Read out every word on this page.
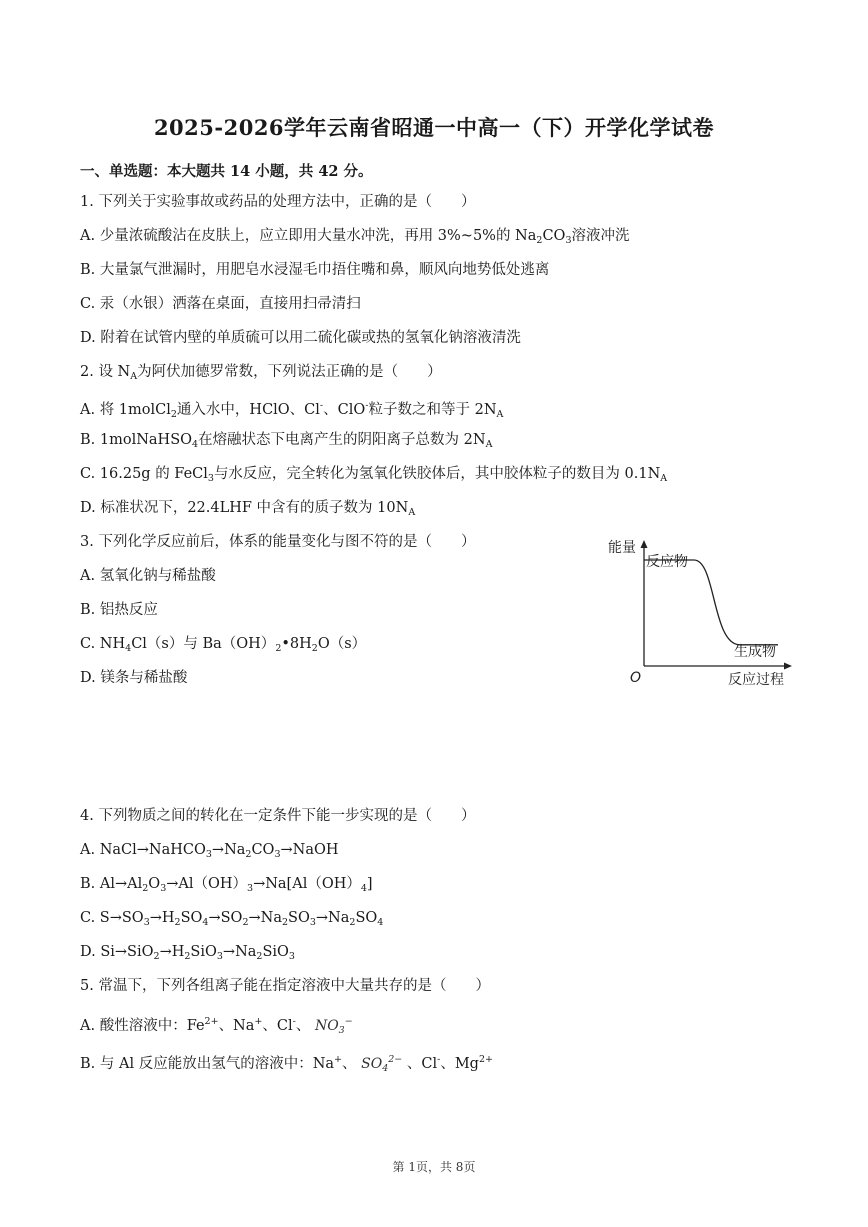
2025-2026学年云南省昭通一中高一（下）开学化学试卷
一、单选题：本大题共 14 小题，共 42 分。
1. 下列关于实验事故或药品的处理方法中，正确的是（　　）
A. 少量浓硫酸沾在皮肤上，应立即用大量水冲洗，再用 3%~5%的 $Na_2CO_3$溶液冲洗
B. 大量氯气泄漏时，用肥皂水浸湿毛巾捂住嘴和鼻，顺风向地势低处逃离
C. 汞（水银）洒落在桌面，直接用扫帚清扫
D. 附着在试管内壁的单质硫可以用二硫化碳或热的氢氧化钠溶液清洗
2. 设 $N_A$为阿伏加德罗常数，下列说法正确的是（　　）
A. 将 1molCl$_2$通入水中，HClO、Cl-、ClO-粒子数之和等于 $2N_A$
B. 1molNaHSO$_4$在熔融状态下电离产生的阴阳离子总数为 $2N_A$
C. 16.25g 的 FeCl$_3$与水反应，完全转化为氢氧化铁胶体后，其中胶体粒子的数目为 $0.1N_A$
D. 标准状况下，22.4LHF 中含有的质子数为 $10N_A$
3. 下列化学反应前后，体系的能量变化与图不符的是（　　）
A. 氢氧化钠与稀盐酸
B. 铝热反应
C. $NH_4Cl(s)$与 $Ba(OH)_2•8H_2O(s)$
D. 镁条与稀盐酸
能量
反应物
生成物
O	反应过程
4. 下列物质之间的转化在一定条件下能一步实现的是（　　）
A. $NaCl\to NaHCO_3\to Na_2CO_3\to NaOH$
B. $Al\to Al_2O_3\to Al(OH)_3\to Na[Al(OH)_4]$
C. $S\to SO_3\to H_2SO_4\to SO_2\to Na_2SO_3\to Na_2SO_4$
D. $Si\to SiO_2\to H_2SiO_3\to Na_2SiO_3$
5. 常温下，下列各组离子能在指定溶液中大量共存的是（　　）
A. 酸性溶液中：$Fe^{2+}$、Na+、Cl-、 $NO_3^-$
B. 与 Al 反应能放出氢气的溶液中：Na+、 $SO_4^{2-}$ 、Cl-、$Mg^{2+}$
第 1页，共 8页
